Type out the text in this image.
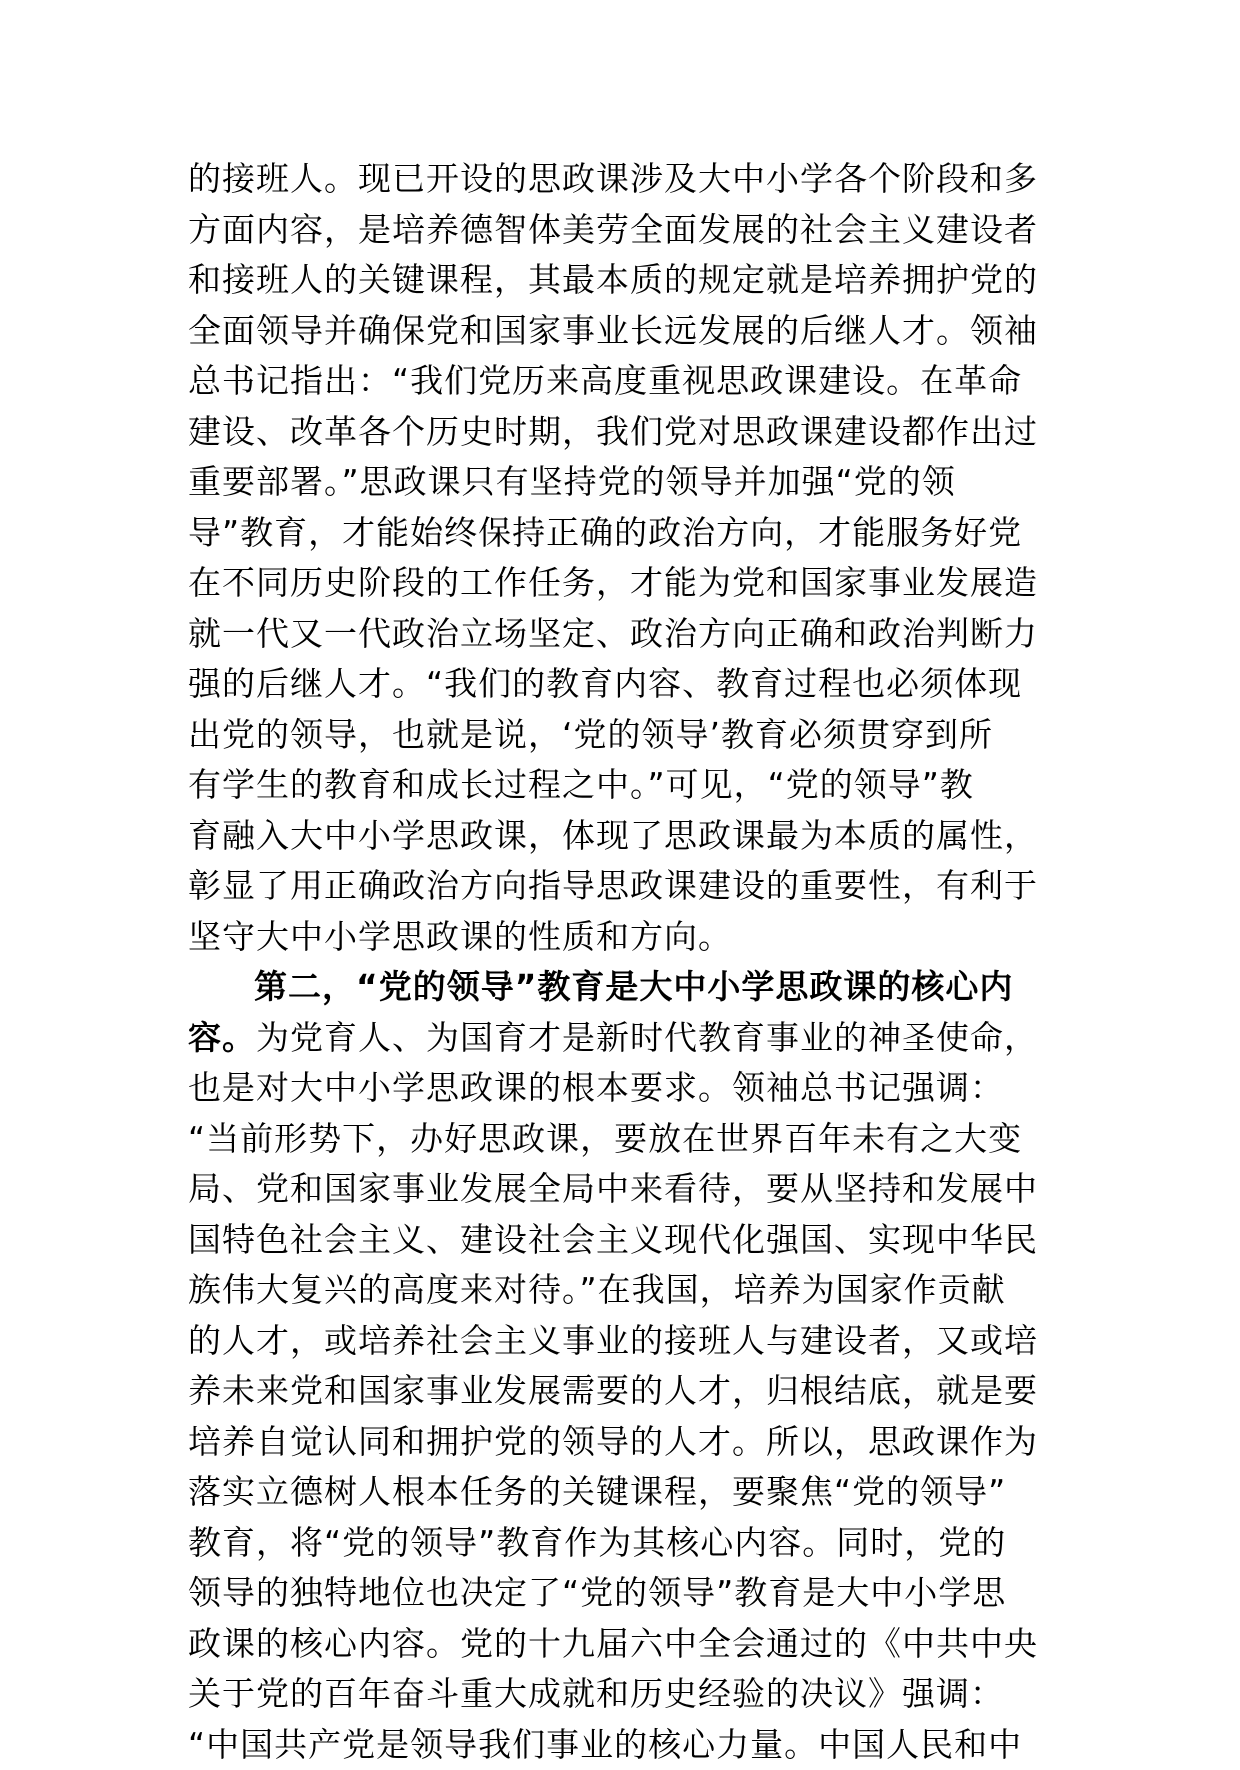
的接班人。现已开设的思政课涉及大中小学各个阶段和多
方面内容，是培养德智体美劳全面发展的社会主义建设者
和接班人的关键课程，其最本质的规定就是培养拥护党的
全面领导并确保党和国家事业长远发展的后继人才。领袖
总书记指出：“我们党历来高度重视思政课建设。在革命
建设、改革各个历史时期，我们党对思政课建设都作出过
重要部署。”思政课只有坚持党的领导并加强“党的领
导”教育，才能始终保持正确的政治方向，才能服务好党
在不同历史阶段的工作任务，才能为党和国家事业发展造
就一代又一代政治立场坚定、政治方向正确和政治判断力
强的后继人才。“我们的教育内容、教育过程也必须体现
出党的领导，也就是说，‘党的领导’教育必须贯穿到所
有学生的教育和成长过程之中。”可见，“党的领导”教
育融入大中小学思政课，体现了思政课最为本质的属性，
彰显了用正确政治方向指导思政课建设的重要性，有利于
坚守大中小学思政课的性质和方向。
第二，“党的领导”教育是大中小学思政课的核心内
容。为党育人、为国育才是新时代教育事业的神圣使命，
也是对大中小学思政课的根本要求。领袖总书记强调：
“当前形势下，办好思政课，要放在世界百年未有之大变
局、党和国家事业发展全局中来看待，要从坚持和发展中
国特色社会主义、建设社会主义现代化强国、实现中华民
族伟大复兴的高度来对待。”在我国，培养为国家作贡献
的人才，或培养社会主义事业的接班人与建设者，又或培
养未来党和国家事业发展需要的人才，归根结底，就是要
培养自觉认同和拥护党的领导的人才。所以，思政课作为
落实立德树人根本任务的关键课程，要聚焦“党的领导”
教育，将“党的领导”教育作为其核心内容。同时，党的
领导的独特地位也决定了“党的领导”教育是大中小学思
政课的核心内容。党的十九届六中全会通过的《中共中央
关于党的百年奋斗重大成就和历史经验的决议》强调：
“中国共产党是领导我们事业的核心力量。中国人民和中
